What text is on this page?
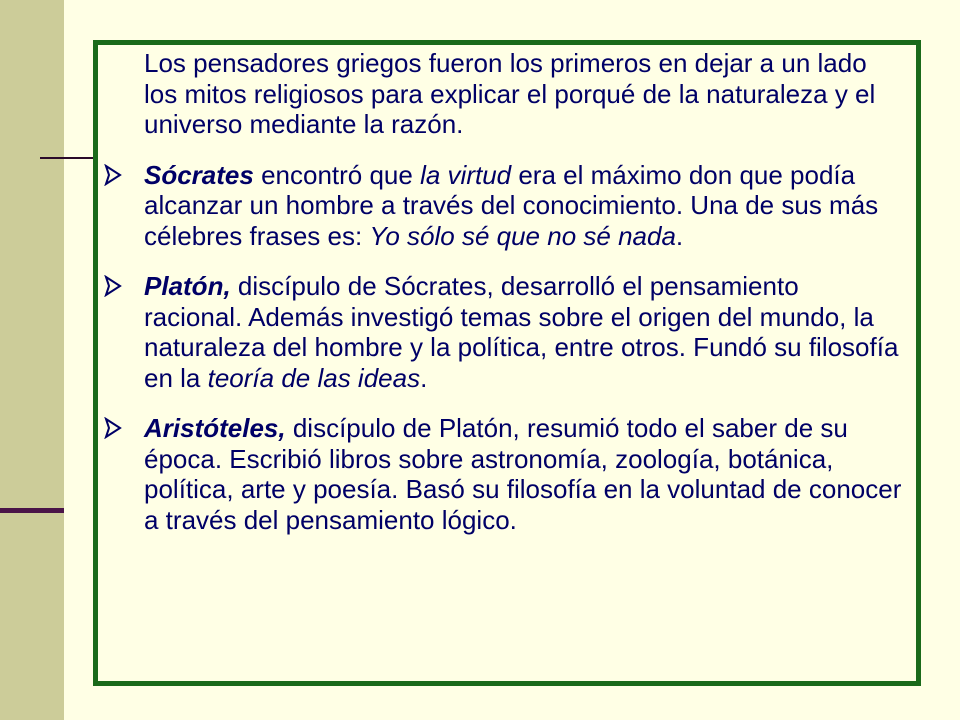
Los pensadores griegos fueron los primeros en dejar a un lado los mitos religiosos para explicar el porqué de la naturaleza y el universo mediante la razón.

Sócrates encontró que la virtud era el máximo don que podía alcanzar un hombre a través del conocimiento. Una de sus más célebres frases es: Yo sólo sé que no sé nada.
Platón, discípulo de Sócrates, desarrolló el pensamiento racional. Además investigó temas sobre el origen del mundo, la naturaleza del hombre y la política, entre otros. Fundó su filosofía en la teoría de las ideas.
Aristóteles, discípulo de Platón, resumió todo el saber de su época. Escribió libros sobre astronomía, zoología, botánica, política, arte y poesía. Basó su filosofía en la voluntad de conocer a través del pensamiento lógico.
